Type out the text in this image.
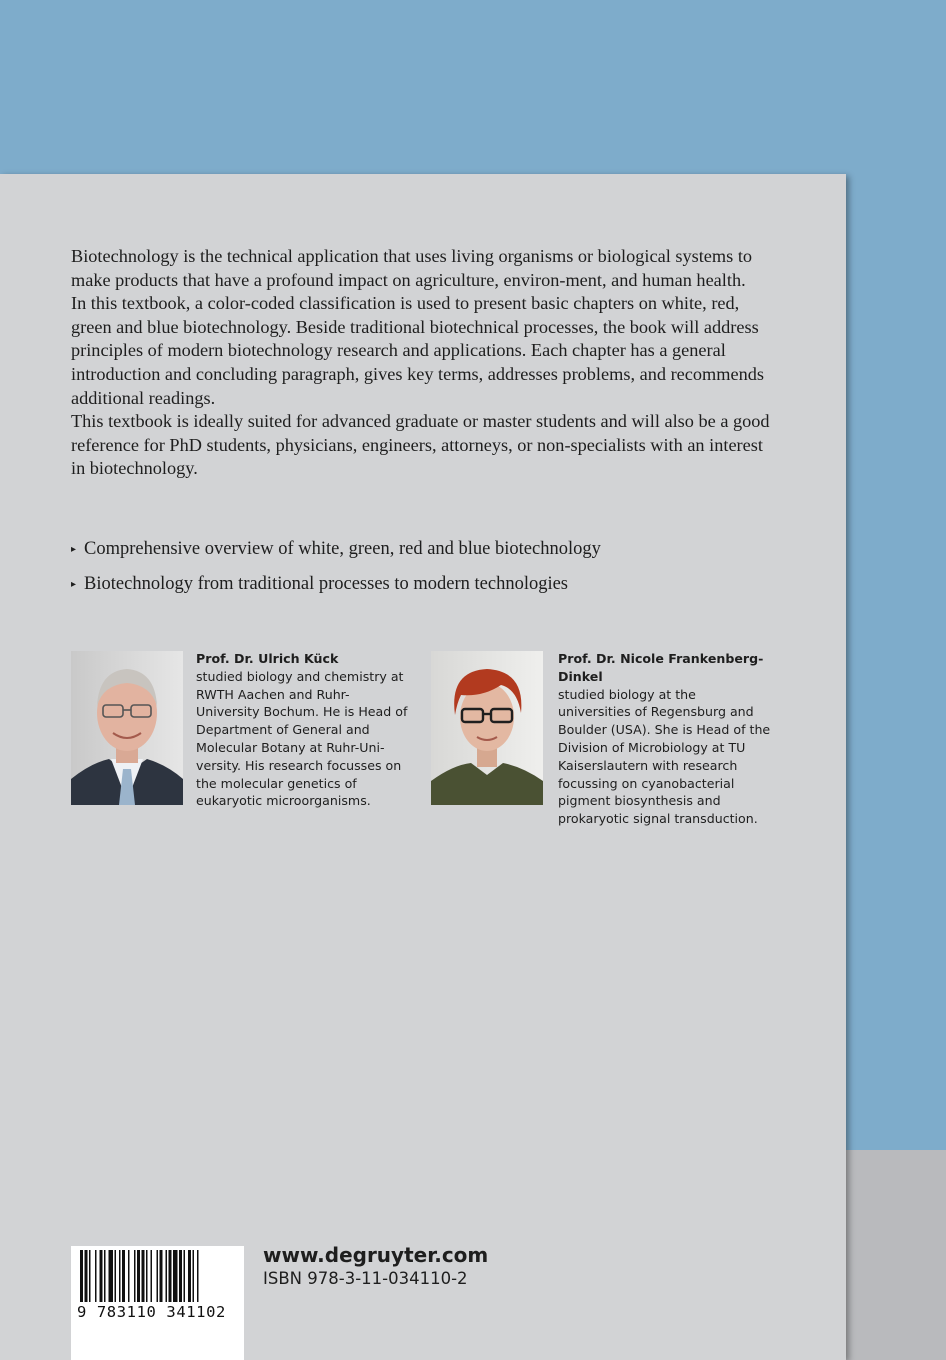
Biotechnology is the technical application that uses living organisms or biological systems to make products that have a profound impact on agriculture, environ-ment, and human health.

In this textbook, a color-coded classification is used to present basic chapters on white, red, green and blue biotechnology. Beside traditional biotechnical processes, the book will address principles of modern biotechnology research and applications. Each chapter has a general introduction and concluding paragraph, gives key terms, addresses problems, and recommends additional readings.

This textbook is ideally suited for advanced graduate or master students and will also be a good reference for PhD students, physicians, engineers, attorneys, or non-specialists with an interest in biotechnology.

▸ Comprehensive overview of white, green, red and blue biotechnology
▸ Biotechnology from traditional processes to modern technologies
Prof. Dr. Ulrich Kück
studied biology and chemistry at RWTH Aachen and Ruhr-University Bochum. He is Head of Department of General and Molecular Botany at Ruhr-Uni-versity. His research focusses on the molecular genetics of eukaryotic microorganisms.
Prof. Dr. Nicole Frankenberg-Dinkel
studied biology at the universities of Regensburg and Boulder (USA). She is Head of the Division of Microbiology at TU Kaiserslautern with research focussing on cyanobacterial pigment biosynthesis and prokaryotic signal transduction.
9 783110 341102
www.degruyter.com
ISBN 978-3-11-034110-2
